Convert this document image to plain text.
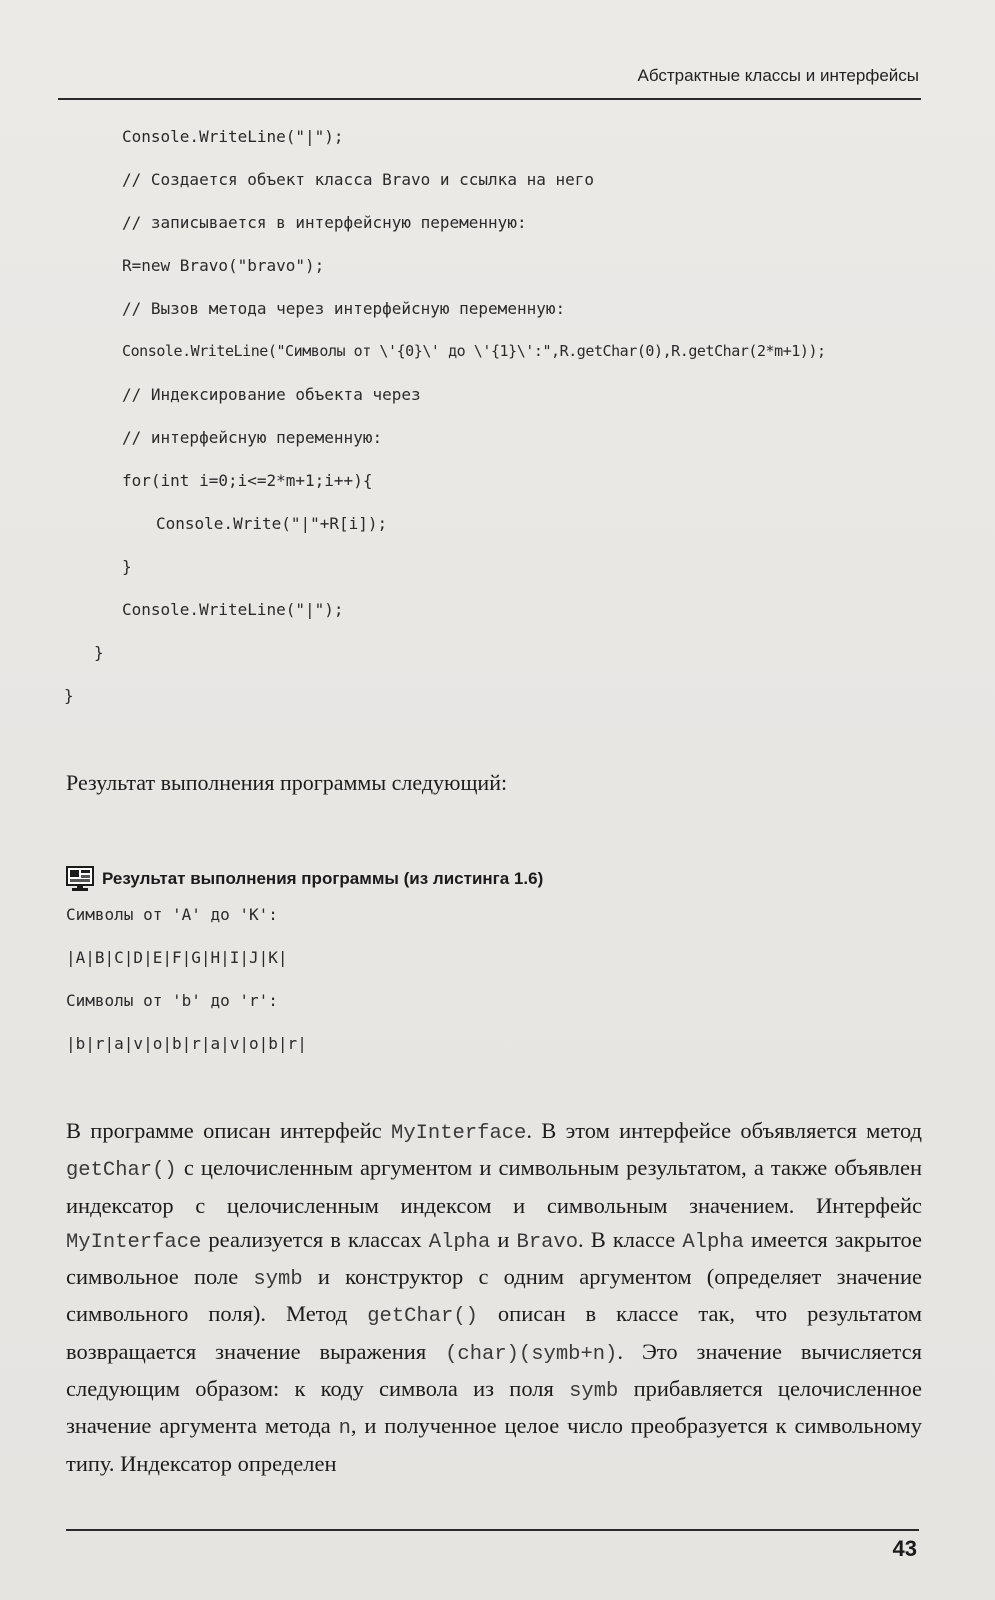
Абстрактные классы и интерфейсы

Console.WriteLine("|");

// Создается объект класса Bravo и ссылка на него

// записывается в интерфейсную переменную:

R=new Bravo("bravo");

// Вызов метода через интерфейсную переменную:

Console.WriteLine("Символы от \'{0}\' до \'{1}\':",R.getChar(0),R.getChar(2*m+1));

// Индексирование объекта через

// интерфейсную переменную:

for(int i=0;i<=2*m+1;i++){

Console.Write("|"+R[i]);

}

Console.WriteLine("|");

}

}

Результат выполнения программы следующий:
Результат выполнения программы (из листинга 1.6)
Символы от 'A' до 'K':
|A|B|C|D|E|F|G|H|I|J|K|
Символы от 'b' до 'r':
|b|r|a|v|o|b|r|a|v|o|b|r|
В программе описан интерфейс MyInterface. В этом интерфейсе объявляется метод getChar() с целочисленным аргументом и символьным результатом, а также объявлен индексатор с целочисленным индексом и символьным значением. Интерфейс MyInterface реализуется в классах Alpha и Bravo. В классе Alpha имеется закрытое символьное поле symb и конструктор с одним аргументом (определяет значение символьного поля). Метод getChar() описан в классе так, что результатом возвращается значение выражения (char)(symb+n). Это значение вычисляется следующим образом: к коду символа из поля symb прибавляется целочисленное значение аргумента метода n, и полученное целое число преобразуется к символьному типу. Индексатор определен
43
